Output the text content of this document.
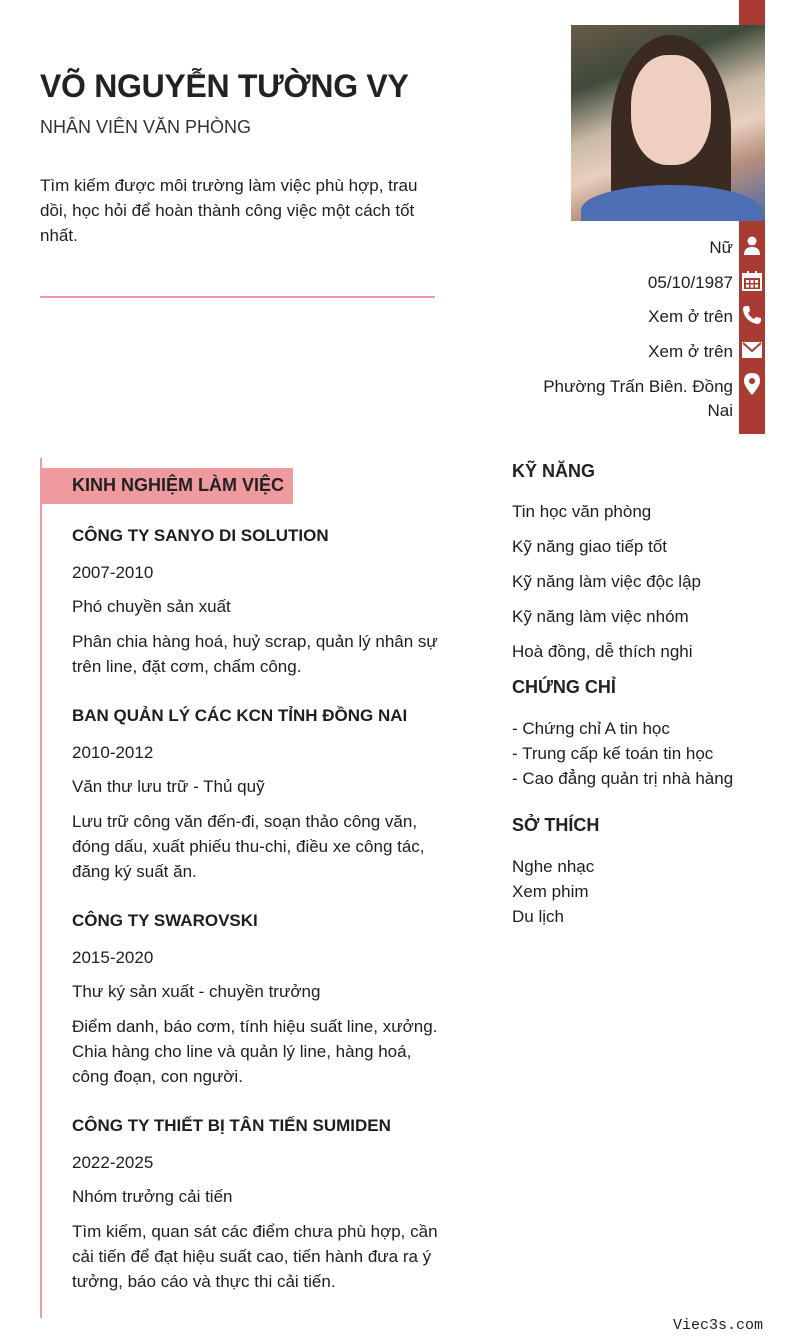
VÕ NGUYỄN TƯỜNG VY
NHÂN VIÊN VĂN PHÒNG
Tìm kiếm được môi trường làm việc phù hợp, trau dồi, học hỏi để hoàn thành công việc một cách tốt nhất.
Nữ
05/10/1987
Xem ở trên
Xem ở trên
Phường Trấn Biên. Đồng Nai
KINH NGHIỆM LÀM VIỆC
CÔNG TY SANYO DI SOLUTION
2007-2010
Phó chuyền sản xuất
Phân chia hàng hoá, huỷ scrap, quản lý nhân sự trên line, đặt cơm, chấm công.
BAN QUẢN LÝ CÁC KCN TỈNH ĐỒNG NAI
2010-2012
Văn thư lưu trữ - Thủ quỹ
Lưu trữ công văn đến-đi, soạn thảo công văn, đóng dấu, xuất phiếu thu-chi, điều xe công tác, đăng ký suất ăn.
CÔNG TY SWAROVSKI
2015-2020
Thư ký sản xuất - chuyền trưởng
Điểm danh, báo cơm, tính hiệu suất line, xưởng. Chia hàng cho line và quản lý line, hàng hoá, công đoạn, con người.
CÔNG TY THIẾT BỊ TÂN TIẾN SUMIDEN
2022-2025
Nhóm trưởng cải tiến
Tìm kiếm, quan sát các điểm chưa phù hợp, cần cải tiến để đạt hiệu suất cao, tiến hành đưa ra ý tưởng, báo cáo và thực thi cải tiến.
KỸ NĂNG
Tin học văn phòng
Kỹ năng giao tiếp tốt
Kỹ năng làm việc độc lập
Kỹ năng làm việc nhóm
Hoà đồng, dễ thích nghi
CHỨNG CHỈ
- Chứng chỉ A tin học
- Trung cấp kế toán tin học
- Cao đẳng quản trị nhà hàng
SỞ THÍCH
Nghe nhạc
Xem phim
Du lịch
Viec3s.com
